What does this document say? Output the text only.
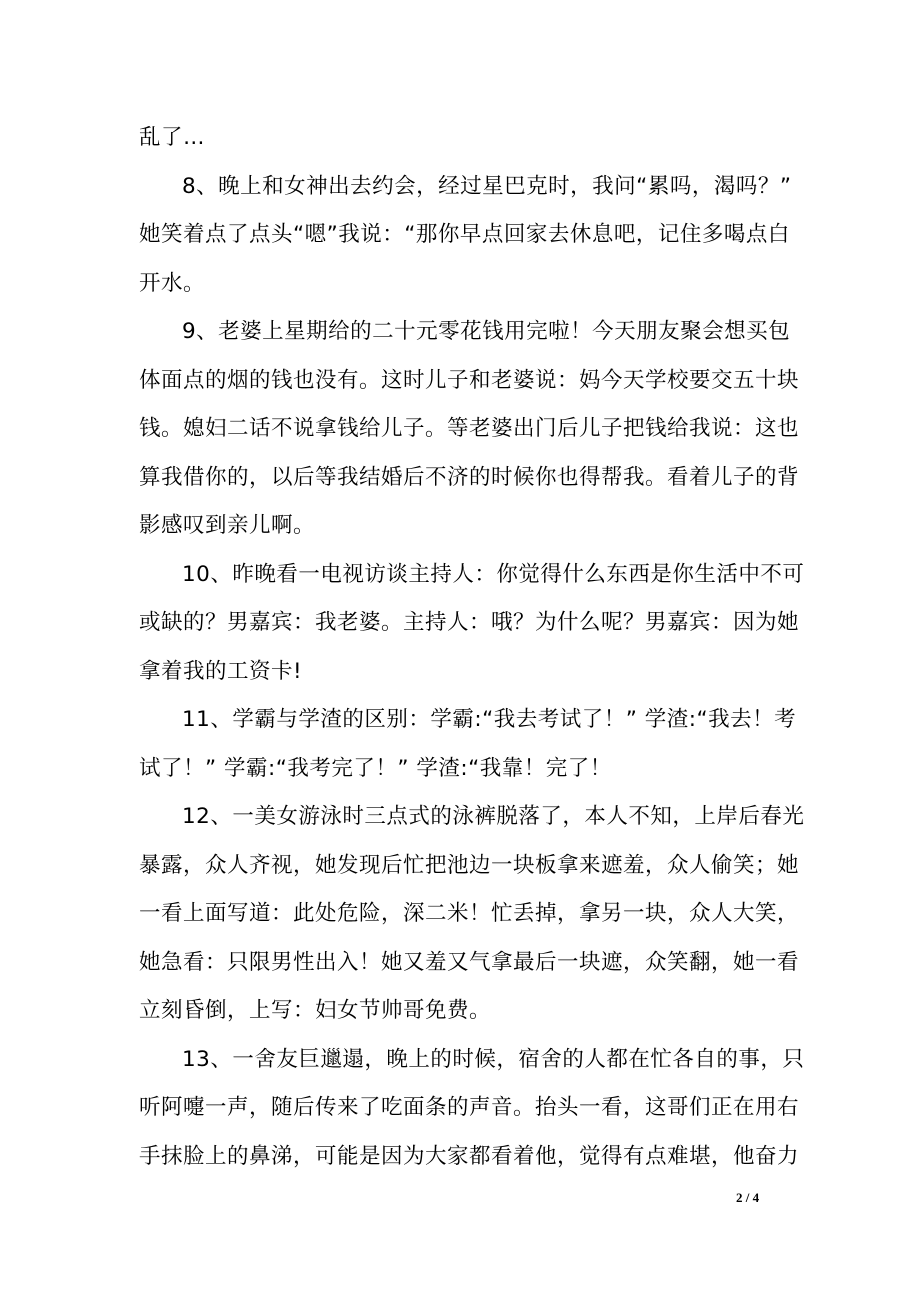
乱了…
8、晚上和女神出去约会，经过星巴克时，我问“累吗，渴吗？”
她笑着点了点头“嗯”我说：“那你早点回家去休息吧，记住多喝点白
开水。
9、老婆上星期给的二十元零花钱用完啦！今天朋友聚会想买包
体面点的烟的钱也没有。这时儿子和老婆说：妈今天学校要交五十块
钱。媳妇二话不说拿钱给儿子。等老婆出门后儿子把钱给我说：这也
算我借你的，以后等我结婚后不济的时候你也得帮我。看着儿子的背
影感叹到亲儿啊。
10、昨晚看一电视访谈主持人：你觉得什么东西是你生活中不可
或缺的？男嘉宾：我老婆。主持人：哦？为什么呢？男嘉宾：因为她
拿着我的工资卡!
11、学霸与学渣的区别：学霸:“我去考试了！” 学渣:“我去！考
试了！” 学霸:“我考完了！” 学渣:“我靠！完了！
12、一美女游泳时三点式的泳裤脱落了，本人不知，上岸后春光
暴露，众人齐视，她发现后忙把池边一块板拿来遮羞，众人偷笑；她
一看上面写道：此处危险，深二米！忙丢掉，拿另一块，众人大笑，
她急看：只限男性出入！她又羞又气拿最后一块遮，众笑翻，她一看
立刻昏倒，上写：妇女节帅哥免费。
13、一舍友巨邋遢，晚上的时候，宿舍的人都在忙各自的事，只
听阿嚏一声，随后传来了吃面条的声音。抬头一看，这哥们正在用右
手抹脸上的鼻涕，可能是因为大家都看着他，觉得有点难堪，他奋力
2 / 4
